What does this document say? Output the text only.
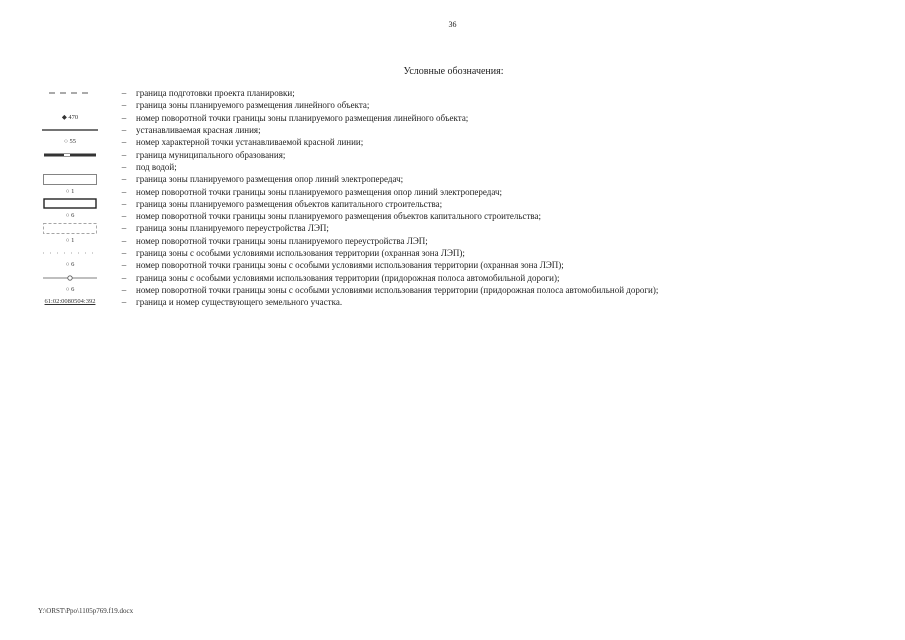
36
Условные обозначения:
–	граница подготовки проекта планировки;
–	граница зоны планируемого размещения линейного объекта;
◆ 470	–	номер поворотной точки границы зоны планируемого размещения линейного объекта;
–	устанавливаемая красная линия;
○ 55	–	номер характерной точки устанавливаемой красной линии;
–	граница муниципального образования;
–	под водой;
–	граница зоны планируемого размещения опор линий электропередач;
○ 1	–	номер поворотной точки границы зоны планируемого размещения опор линий электропередач;
–	граница зоны планируемого размещения объектов капитального строительства;
○ 6	–	номер поворотной точки границы зоны планируемого размещения объектов капитального строительства;
–	граница зоны планируемого переустройства ЛЭП;
○ 1	–	номер поворотной точки границы зоны планируемого переустройства ЛЭП;
–	граница зоны с особыми условиями использования территории (охранная зона ЛЭП);
○ 6	–	номер поворотной точки границы зоны с особыми условиями использования территории (охранная зона ЛЭП);
–	граница зоны с особыми условиями использования территории (придорожная полоса автомобильной дороги);
○ 6	–	номер поворотной точки границы зоны с особыми условиями использования территории (придорожная полоса автомобильной дороги);
61:02:0080504:392	–	граница и номер существующего земельного участка.
Y:\ORST\Ppo\1105p769.f19.docx
